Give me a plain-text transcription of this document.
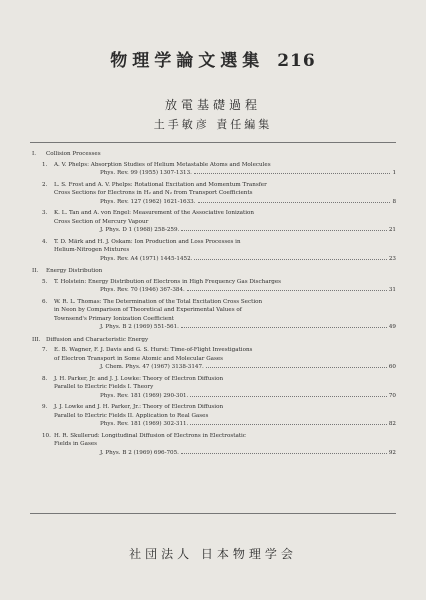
物理学論文選集 216
放電基礎過程
土手敏彦 責任編集
I. Collision Processes
1. A. V. Phelps: Absorption Studies of Helium Metastable Atoms and Molecules
Phys. Rev. 99 (1955) 1307-1313.	1
2. L. S. Frost and A. V. Phelps: Rotational Excitation and Momentum Transfer
Cross Sections for Electrons in H₂ and N₂ from Transport Coefficients
Phys. Rev. 127 (1962) 1621-1633.	8
3. K. L. Tan and A. von Engel: Measurement of the Associative Ionization
Cross Section of Mercury Vapour
J. Phys. D 1 (1968) 258-259.	21
4. T. D. Märk and H. J. Oskam: Ion Production and Loss Processes in
Helium-Nitrogen Mixtures
Phys. Rev. A4 (1971) 1445-1452.	23
II. Energy Distribution
5. T. Holstein: Energy Distribution of Electrons in High Frequency Gas Discharges
Phys. Rev. 70 (1946) 367-384.	31
6. W. R. L. Thomas: The Determination of the Total Excitation Cross Section
in Neon by Comparison of Theoretical and Experimental Values of
Townsend's Primary Ionization Coefficient
J. Phys. B 2 (1969) 551-561.	49
III. Diffusion and Characteristic Energy
7. E. B. Wagner, F. J. Davis and G. S. Hurst: Time-of-Flight Investigations
of Electron Transport in Some Atomic and Molecular Gases
J. Chem. Phys. 47 (1967) 3138-3147.	60
8. J. H. Parker, Jr. and J. J. Lowke: Theory of Electron Diffusion
Parallel to Electric Fields I. Theory
Phys. Rev. 181 (1969) 290-301.	70
9. J. J. Lowke and J. H. Parker, Jr.: Theory of Electron Diffusion
Parallel to Electric Fields II. Application to Real Gases
Phys. Rev. 181 (1969) 302-311.	82
10. H. R. Skullerud: Longitudinal Diffusion of Electrons in Electrostatic
Fields in Gases
J. Phys. B 2 (1969) 696-705.	92
社団法人 日本物理学会
